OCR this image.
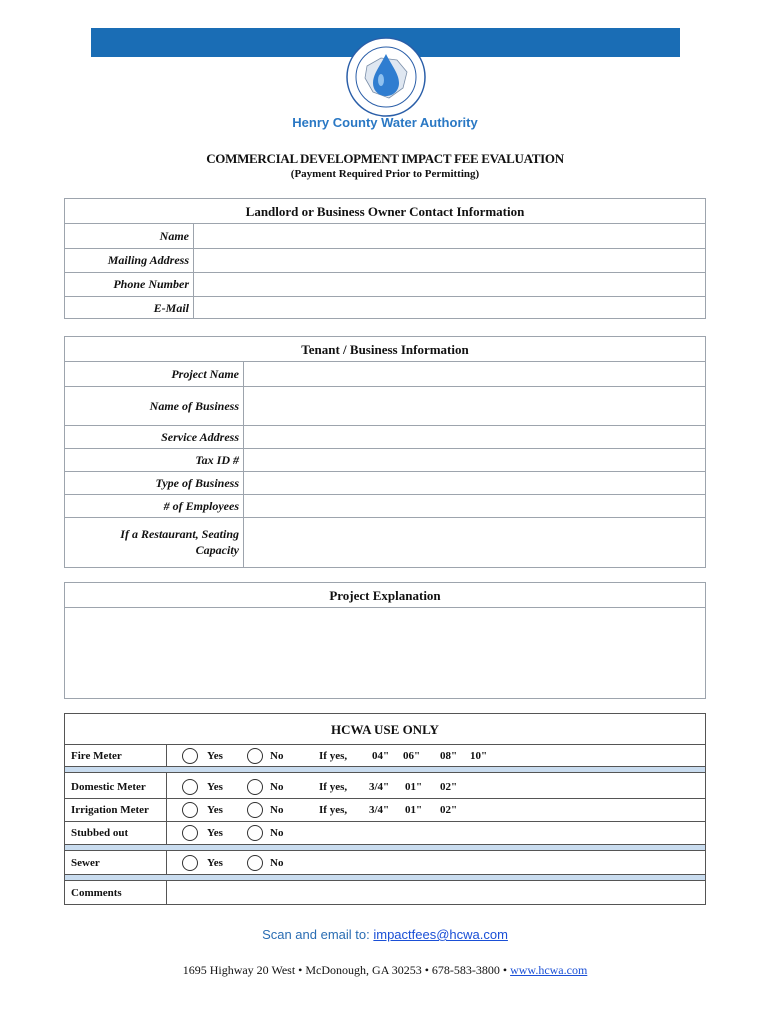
Henry County Water Authority
COMMERCIAL DEVELOPMENT IMPACT FEE EVALUATION
(Payment Required Prior to Permitting)
Landlord or Business Owner Contact Information
Name	
Mailing Address	
Phone Number	
E-Mail	
Tenant / Business Information
Project Name	
Name of Business	
Service Address	
Tax ID #	
Type of Business	
# of Employees	
If a Restaurant, Seating Capacity	
Project Explanation
HCWA USE ONLY
Fire Meter	Yes	No	If yes, 04" 06" 08" 10"
Domestic Meter	Yes	No	If yes, 3/4" 01" 02"
Irrigation Meter	Yes	No	If yes, 3/4" 01" 02"
Stubbed out	Yes	No
Sewer	Yes	No
Comments
Scan and email to: impactfees@hcwa.com
1695 Highway 20 West • McDonough, GA 30253 • 678-583-3800 • www.hcwa.com
